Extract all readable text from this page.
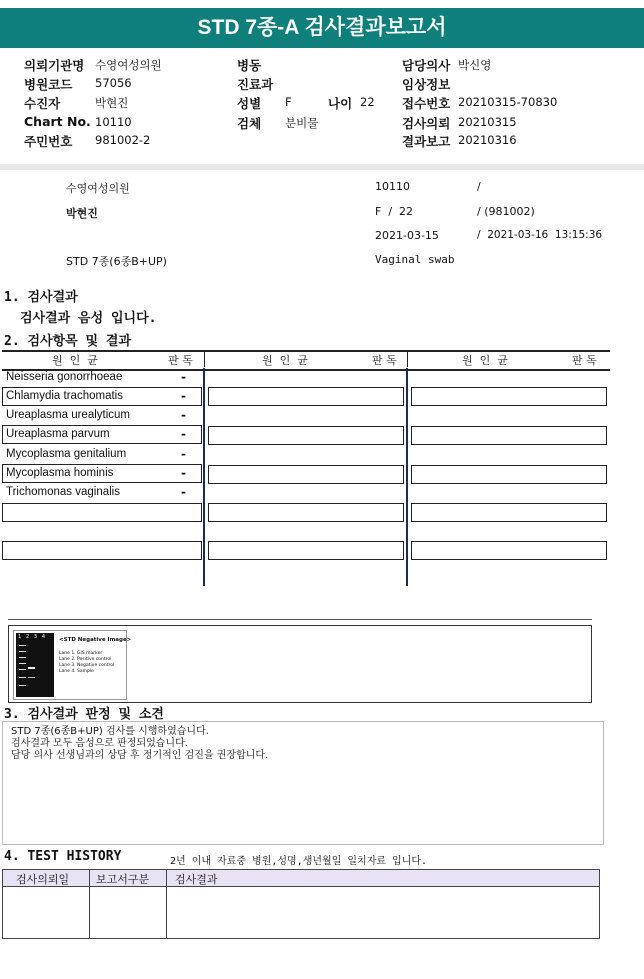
STD 7종-A 검사결과보고서
의뢰기관명 수영여성의원
병원코드 57056
수진자	박현진
Chart No. 10110
주민번호 981002-2
병동
진료과
성별 F
검체 분비물
담당의사 박신영
임상정보
접수번호 20210315-70830
검사의뢰 20210315
결과보고 20210316
나이 22
수영여성의원	10110	/
박현진	F  /  22	/ (981002)
2021-03-15	/  2021-03-16  13:15:36
STD 7종(6종B+UP)	Vaginal swab
1. 검사결과
검사결과 음성 입니다.
2. 검사항목 및 결과
원  인  균	판 독	원  인  균	판 독	원  인  균	판 독
Neisseria gonorrhoeae	-
Chlamydia trachomatis	-
Ureaplasma urealyticum	-
Ureaplasma parvum	-
Mycoplasma genitalium	-
Mycoplasma hominis	-
Trichomonas vaginalis	-
1   2   3   4	<STD Negative Image>
Lane 1. GIS marker
Lane 2. Positive control
Lane 3. Negative control
Lane 4. Sample
3. 검사결과 판정 및 소견
STD 7종(6종B+UP) 검사를 시행하였습니다.
검사결과 모두 음성으로 판정되었습니다.
담당 의사 선생님과의 상담 후 정기적인 검진을 권장합니다.
4. TEST HISTORY	2년 이내 자료중 병원,성명,생년월일 일치자료 입니다.
검사의뢰일 보고서구분 검사결과
